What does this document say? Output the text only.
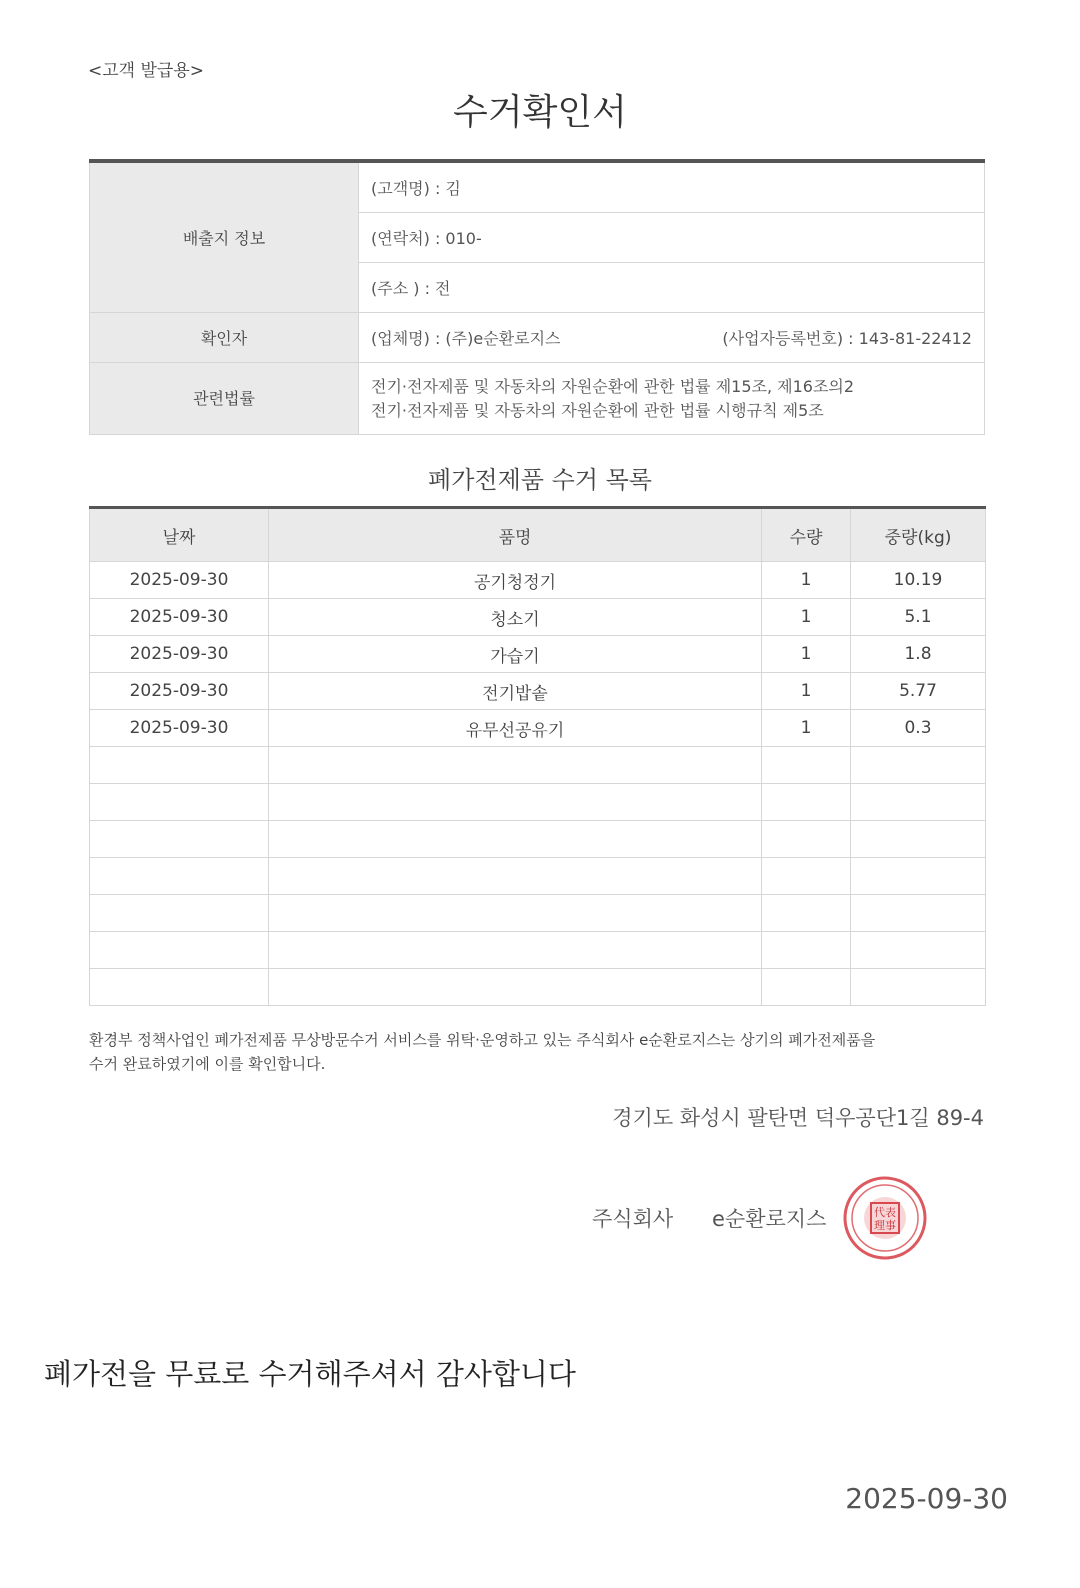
<고객 발급용>
수거확인서
배출지 정보	(고객명) : 김
	(연락처) : 010-
	(주소 ) : 전
확인자	(업체명) : (주)e순환로지스 (사업자등록번호) : 143-81-22412

관련법률	전기·전자제품 및 자동차의 자원순환에 관한 법률 제15조, 제16조의2
전기·전자제품 및 자동차의 자원순환에 관한 법률 시행규칙 제5조
폐가전제품 수거 목록
날짜	품명	수량	중량(kg)
2025-09-30	공기청정기	1	10.19
2025-09-30	청소기	1	5.1
2025-09-30	가습기	1	1.8
2025-09-30	전기밥솥	1	5.77
2025-09-30	유무선공유기	1	0.3

환경부 정책사업인 폐가전제품 무상방문수거 서비스를 위탁·운영하고 있는 주식회사 e순환로지스는 상기의 폐가전제품을
수거 완료하였기에 이를 확인합니다.
경기도 화성시 팔탄면 덕우공단1길 89-4
주식회사 e순환로지스	代表
理事
폐가전을 무료로 수거해주셔서 감사합니다
2025-09-30
